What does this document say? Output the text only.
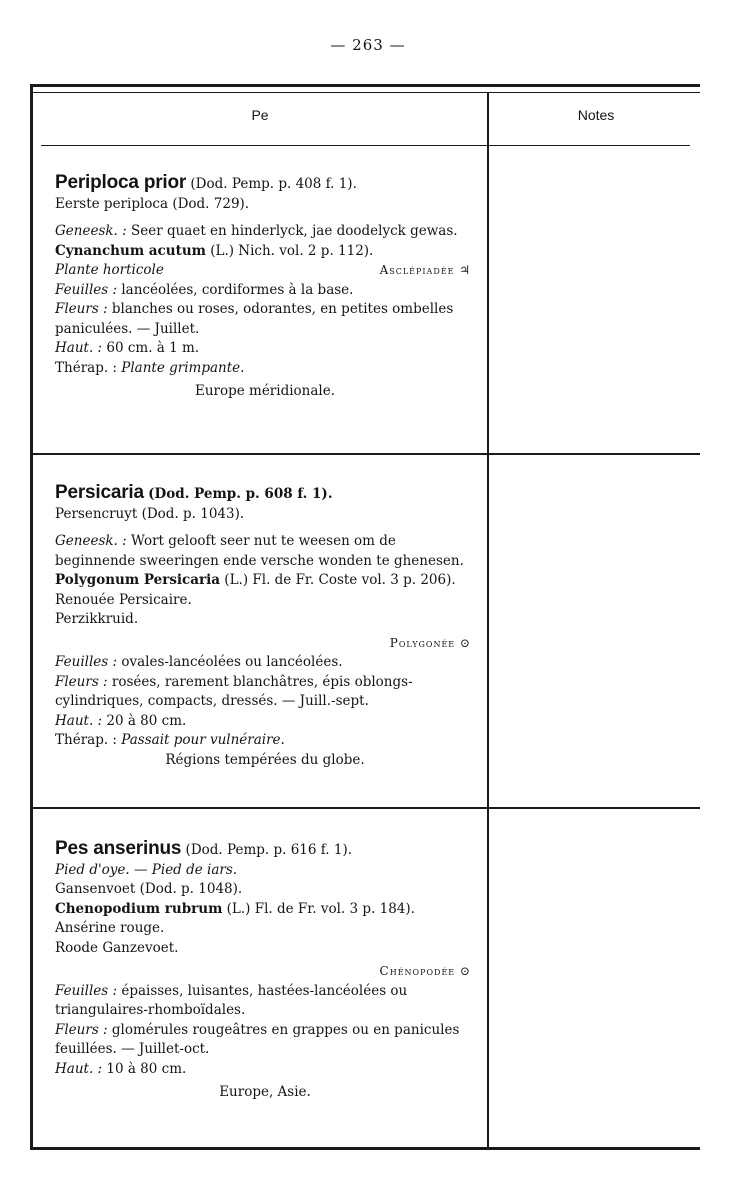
— 263 —
Pe	Notes

Periploca prior (Dod. Pemp. p. 408 f. 1).

Eerste periploca (Dod. 729).

Geneesk. : Seer quaet en hinderlyck, jae doodelyck gewas.

Cynanchum acutum (L.) Nich. vol. 2 p. 112).

Plante horticole	Asclépiadée ♃

Feuilles : lancéolées, cordiformes à la base.

Fleurs : blanches ou roses, odorantes, en petites ombelles paniculées. — Juillet.

Haut. : 60 cm. à 1 m.

Thérap. : Plante grimpante.

Europe méridionale.

Persicaria (Dod. Pemp. p. 608 f. 1).

Persencruyt (Dod. p. 1043).

Geneesk. : Wort gelooft seer nut te weesen om de beginnende sweeringen ende versche wonden te ghenesen.

Polygonum Persicaria (L.) Fl. de Fr. Coste vol. 3 p. 206).

Renouée Persicaire.

Perzikkruid.

Polygonée ⊙

Feuilles : ovales-lancéolées ou lancéolées.

Fleurs : rosées, rarement blanchâtres, épis oblongs-cylindriques, compacts, dressés. — Juill.-sept.

Haut. : 20 à 80 cm.

Thérap. : Passait pour vulnéraire.

Régions tempérées du globe.

Pes anserinus (Dod. Pemp. p. 616 f. 1).

Pied d'oye. — Pied de iars.

Gansenvoet (Dod. p. 1048).

Chenopodium rubrum (L.) Fl. de Fr. vol. 3 p. 184).

Ansérine rouge.

Roode Ganzevoet.

Chénopodée ⊙

Feuilles : épaisses, luisantes, hastées-lancéolées ou triangulaires-rhomboïdales.

Fleurs : glomérules rougeâtres en grappes ou en panicules feuillées. — Juillet-oct.

Haut. : 10 à 80 cm.

Europe, Asie.
